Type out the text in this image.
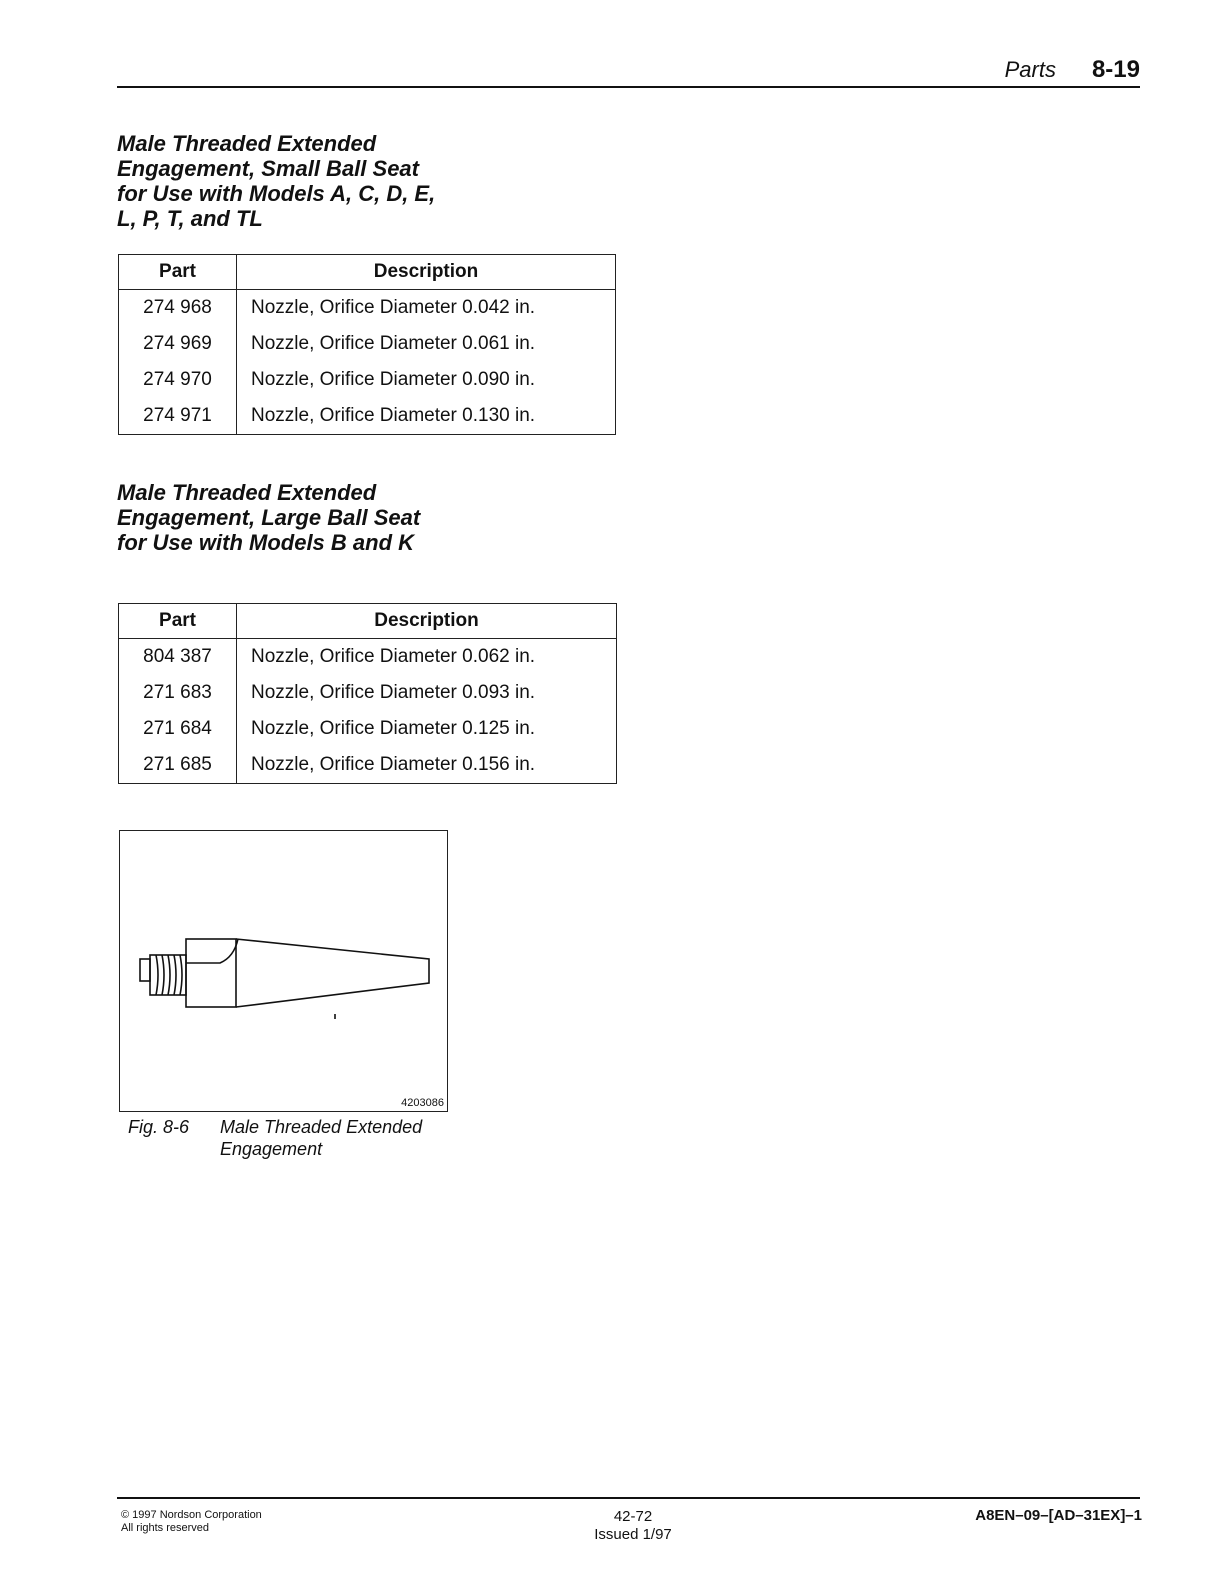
Parts 8-19
Male Threaded Extended
Engagement, Small Ball Seat
for Use with Models A, C, D, E,
L, P, T, and TL
Part	Description
274 968	Nozzle, Orifice Diameter 0.042 in.
274 969	Nozzle, Orifice Diameter 0.061 in.
274 970	Nozzle, Orifice Diameter 0.090 in.
274 971	Nozzle, Orifice Diameter 0.130 in.
Male Threaded Extended
Engagement, Large Ball Seat
for Use with Models B and K
Part	Description
804 387	Nozzle, Orifice Diameter 0.062 in.
271 683	Nozzle, Orifice Diameter 0.093 in.
271 684	Nozzle, Orifice Diameter 0.125 in.
271 685	Nozzle, Orifice Diameter 0.156 in.
4203086
Fig. 8-6 Male Threaded Extended
Engagement
© 1997 Nordson Corporation
All rights reserved
42-72
Issued 1/97
A8EN–09–[AD–31EX]–1
